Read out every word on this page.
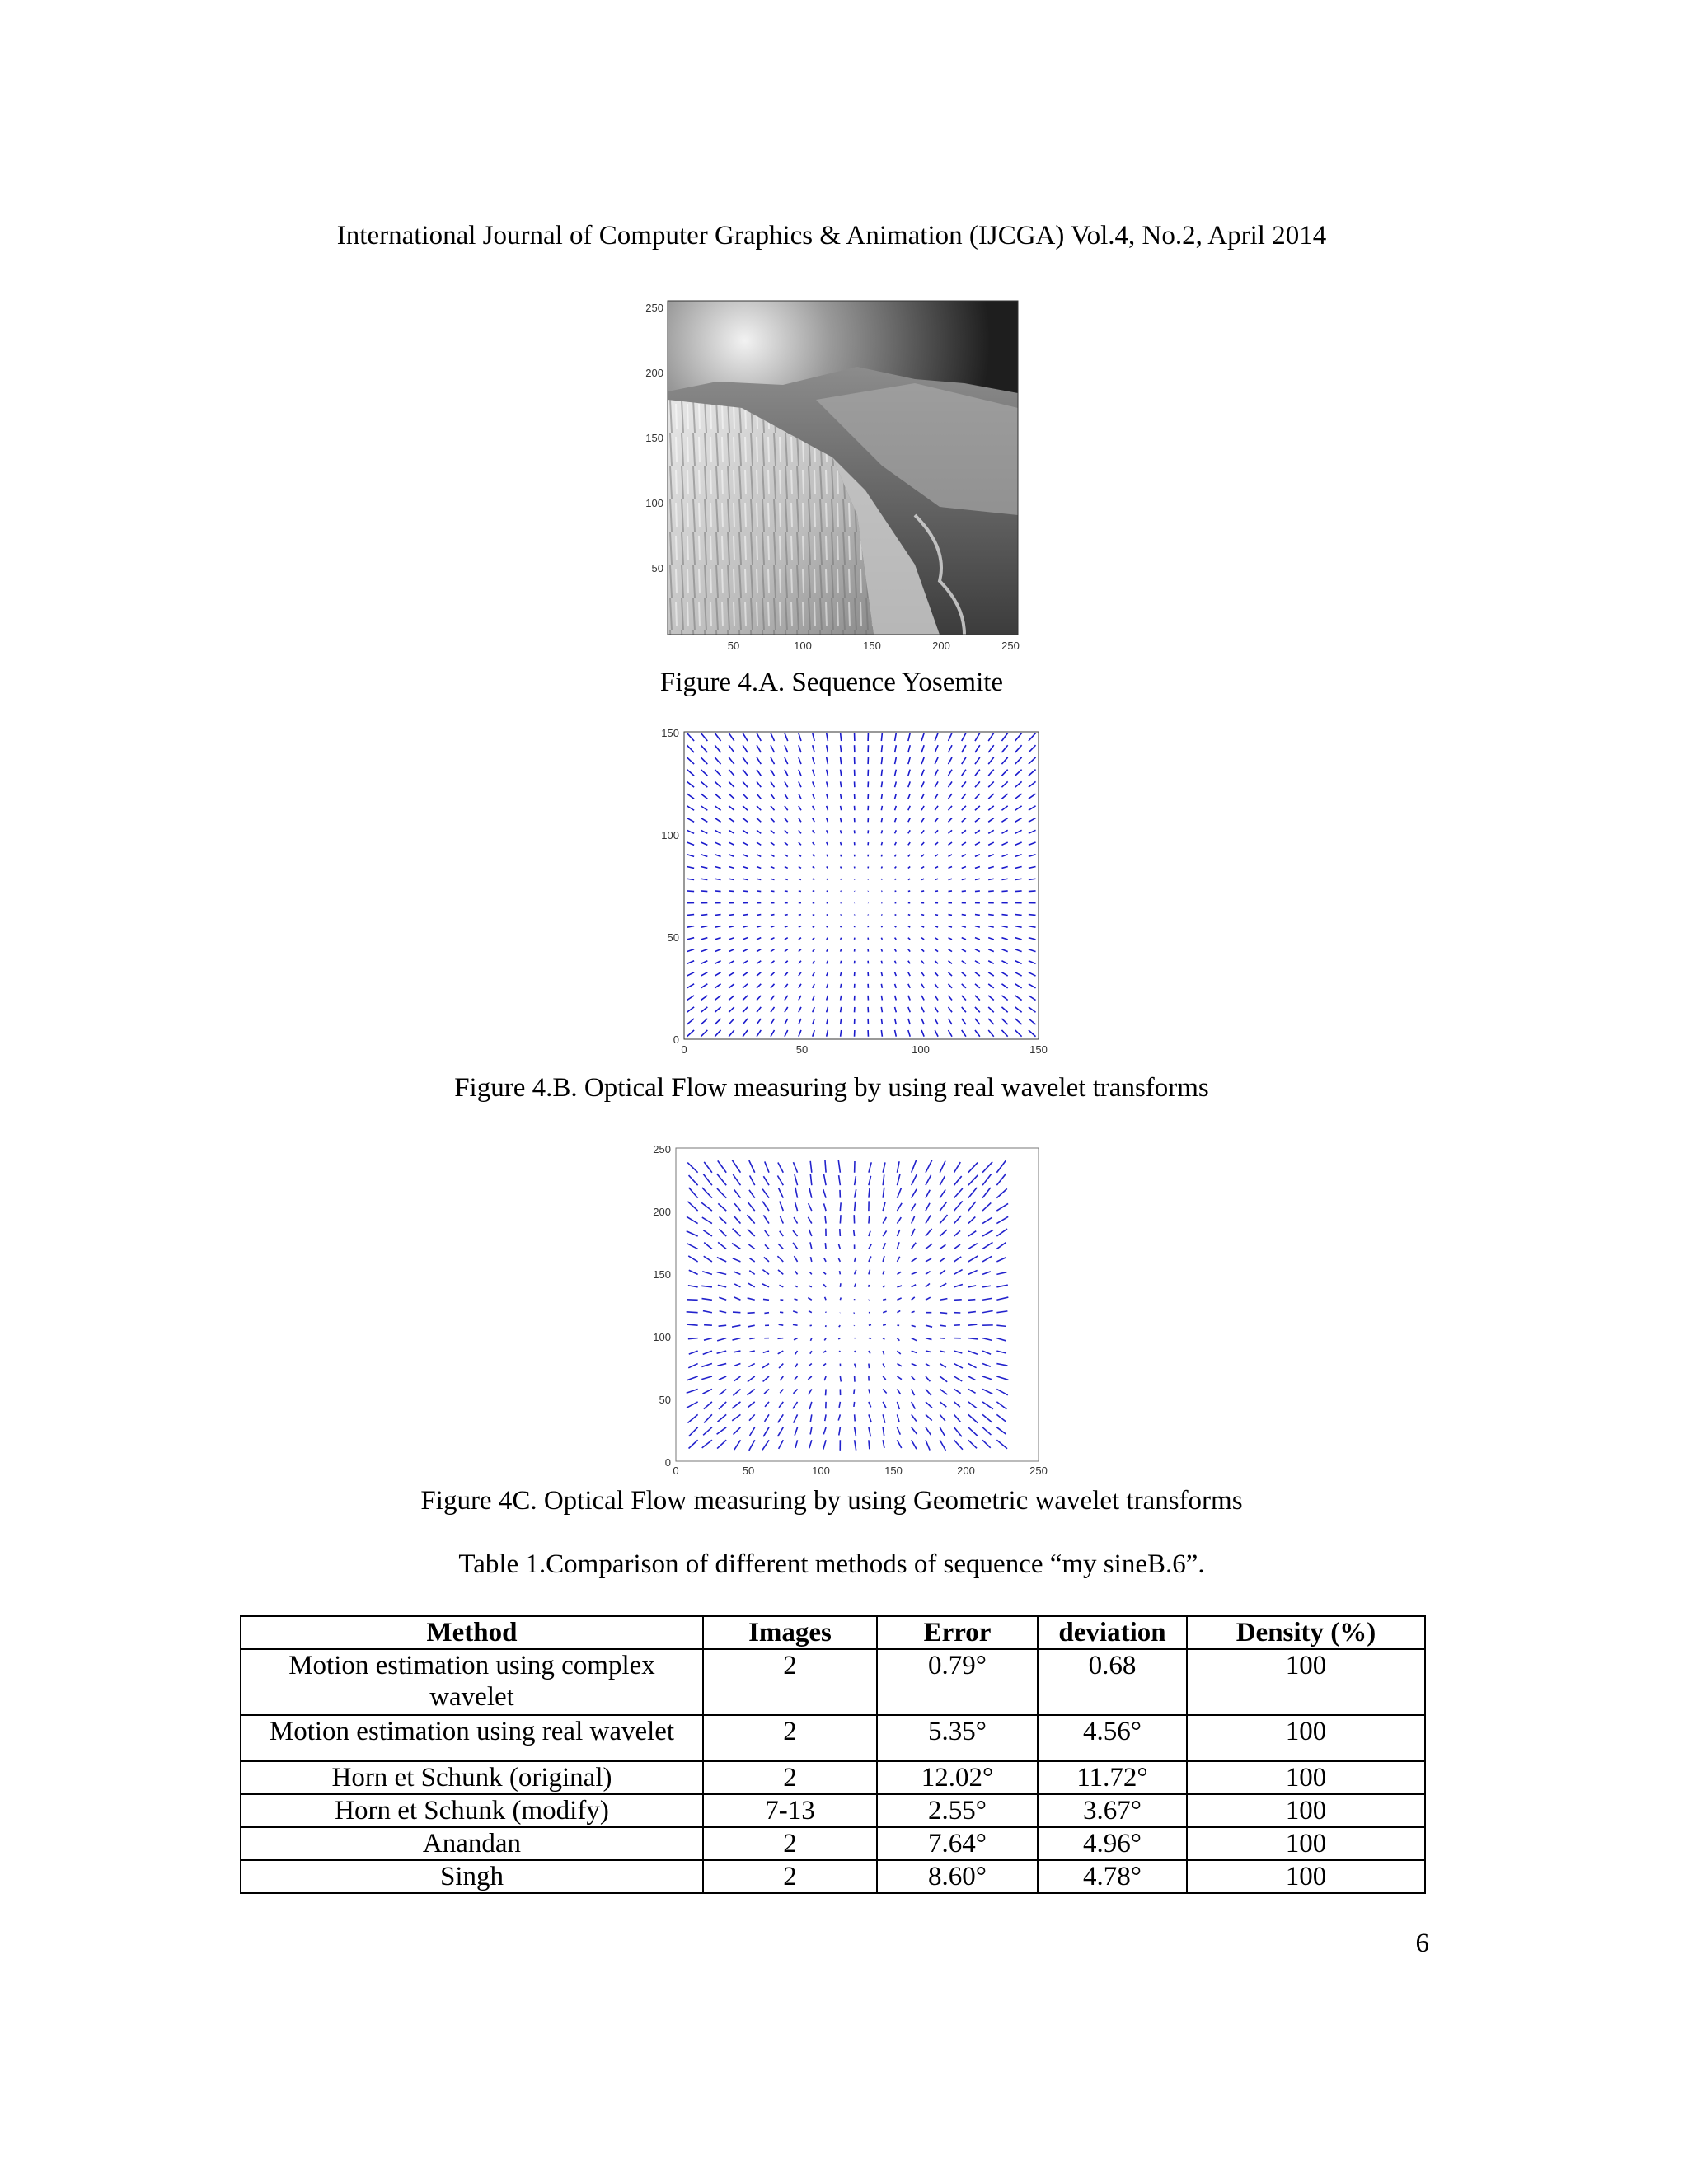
International Journal of Computer Graphics & Animation (IJCGA) Vol.4, No.2, April 2014
250
200
150
100
50
50	100	150	200	250
Figure 4.A. Sequence Yosemite
150
100
50
0
0	50	100	150
Figure 4.B. Optical Flow measuring by using real wavelet transforms
250
200
150
100
50
0
0	50	100	150	200	250
Figure 4C. Optical Flow measuring by using Geometric wavelet transforms
Table 1.Comparison of different methods of sequence “my sineB.6”.
Method	Images	Error	deviation	Density (%)
Motion estimation using complex wavelet	2	0.79°	0.68	100
Motion estimation using real wavelet	2	5.35°	4.56°	100
Horn et Schunk (original)	2	12.02°	11.72°	100
Horn et Schunk (modify)	7-13	2.55°	3.67°	100
Anandan	2	7.64°	4.96°	100
Singh	2	8.60°	4.78°	100
6
